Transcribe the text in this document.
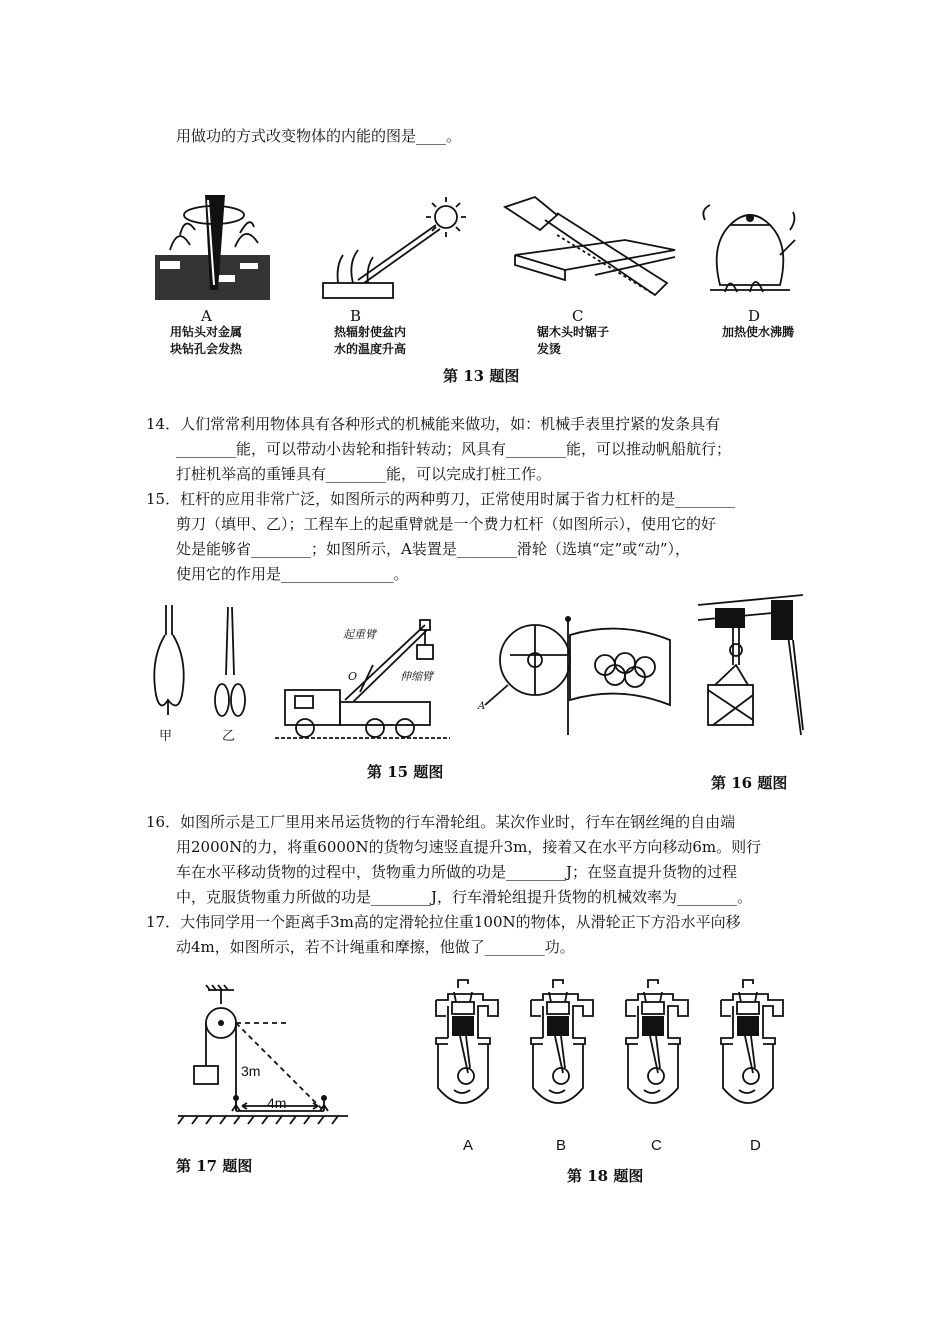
用做功的方式改变物体的内能的图是____。
A
用钻头对金属
块钻孔会发热
B
热辐射使盆内
水的温度升高
C
锯木头时锯子
发烫
D
加热使水沸腾
第 13 题图
14．人们常常利用物体具有各种形式的机械能来做功，如：机械手表里拧紧的发条具有
________能，可以带动小齿轮和指针转动；风具有________能，可以推动帆船航行；
打桩机举高的重锤具有________能，可以完成打桩工作。
15．杠杆的应用非常广泛，如图所示的两种剪刀，正常使用时属于省力杠杆的是________
剪刀（填甲、乙）；工程车上的起重臂就是一个费力杠杆（如图所示），使用它的好
处是能够省________；如图所示，A装置是________滑轮（选填“定”或“动”），
使用它的作用是_______________。
甲	乙
起重臂
伸缩臂
O
A
第 15 题图
第 16 题图
16．如图所示是工厂里用来吊运货物的行车滑轮组。某次作业时，行车在钢丝绳的自由端
用2000N的力，将重6000N的货物匀速竖直提升3m，接着又在水平方向移动6m。则行
车在水平移动货物的过程中，货物重力所做的功是________J；在竖直提升货物的过程
中，克服货物重力所做的功是________J，行车滑轮组提升货物的机械效率为________。
17．大伟同学用一个距离手3m高的定滑轮拉住重100N的物体，从滑轮正下方沿水平向移
动4m，如图所示，若不计绳重和摩擦，他做了________功。
3m
4m
第 17 题图
A	B	C	D
第 18 题图
